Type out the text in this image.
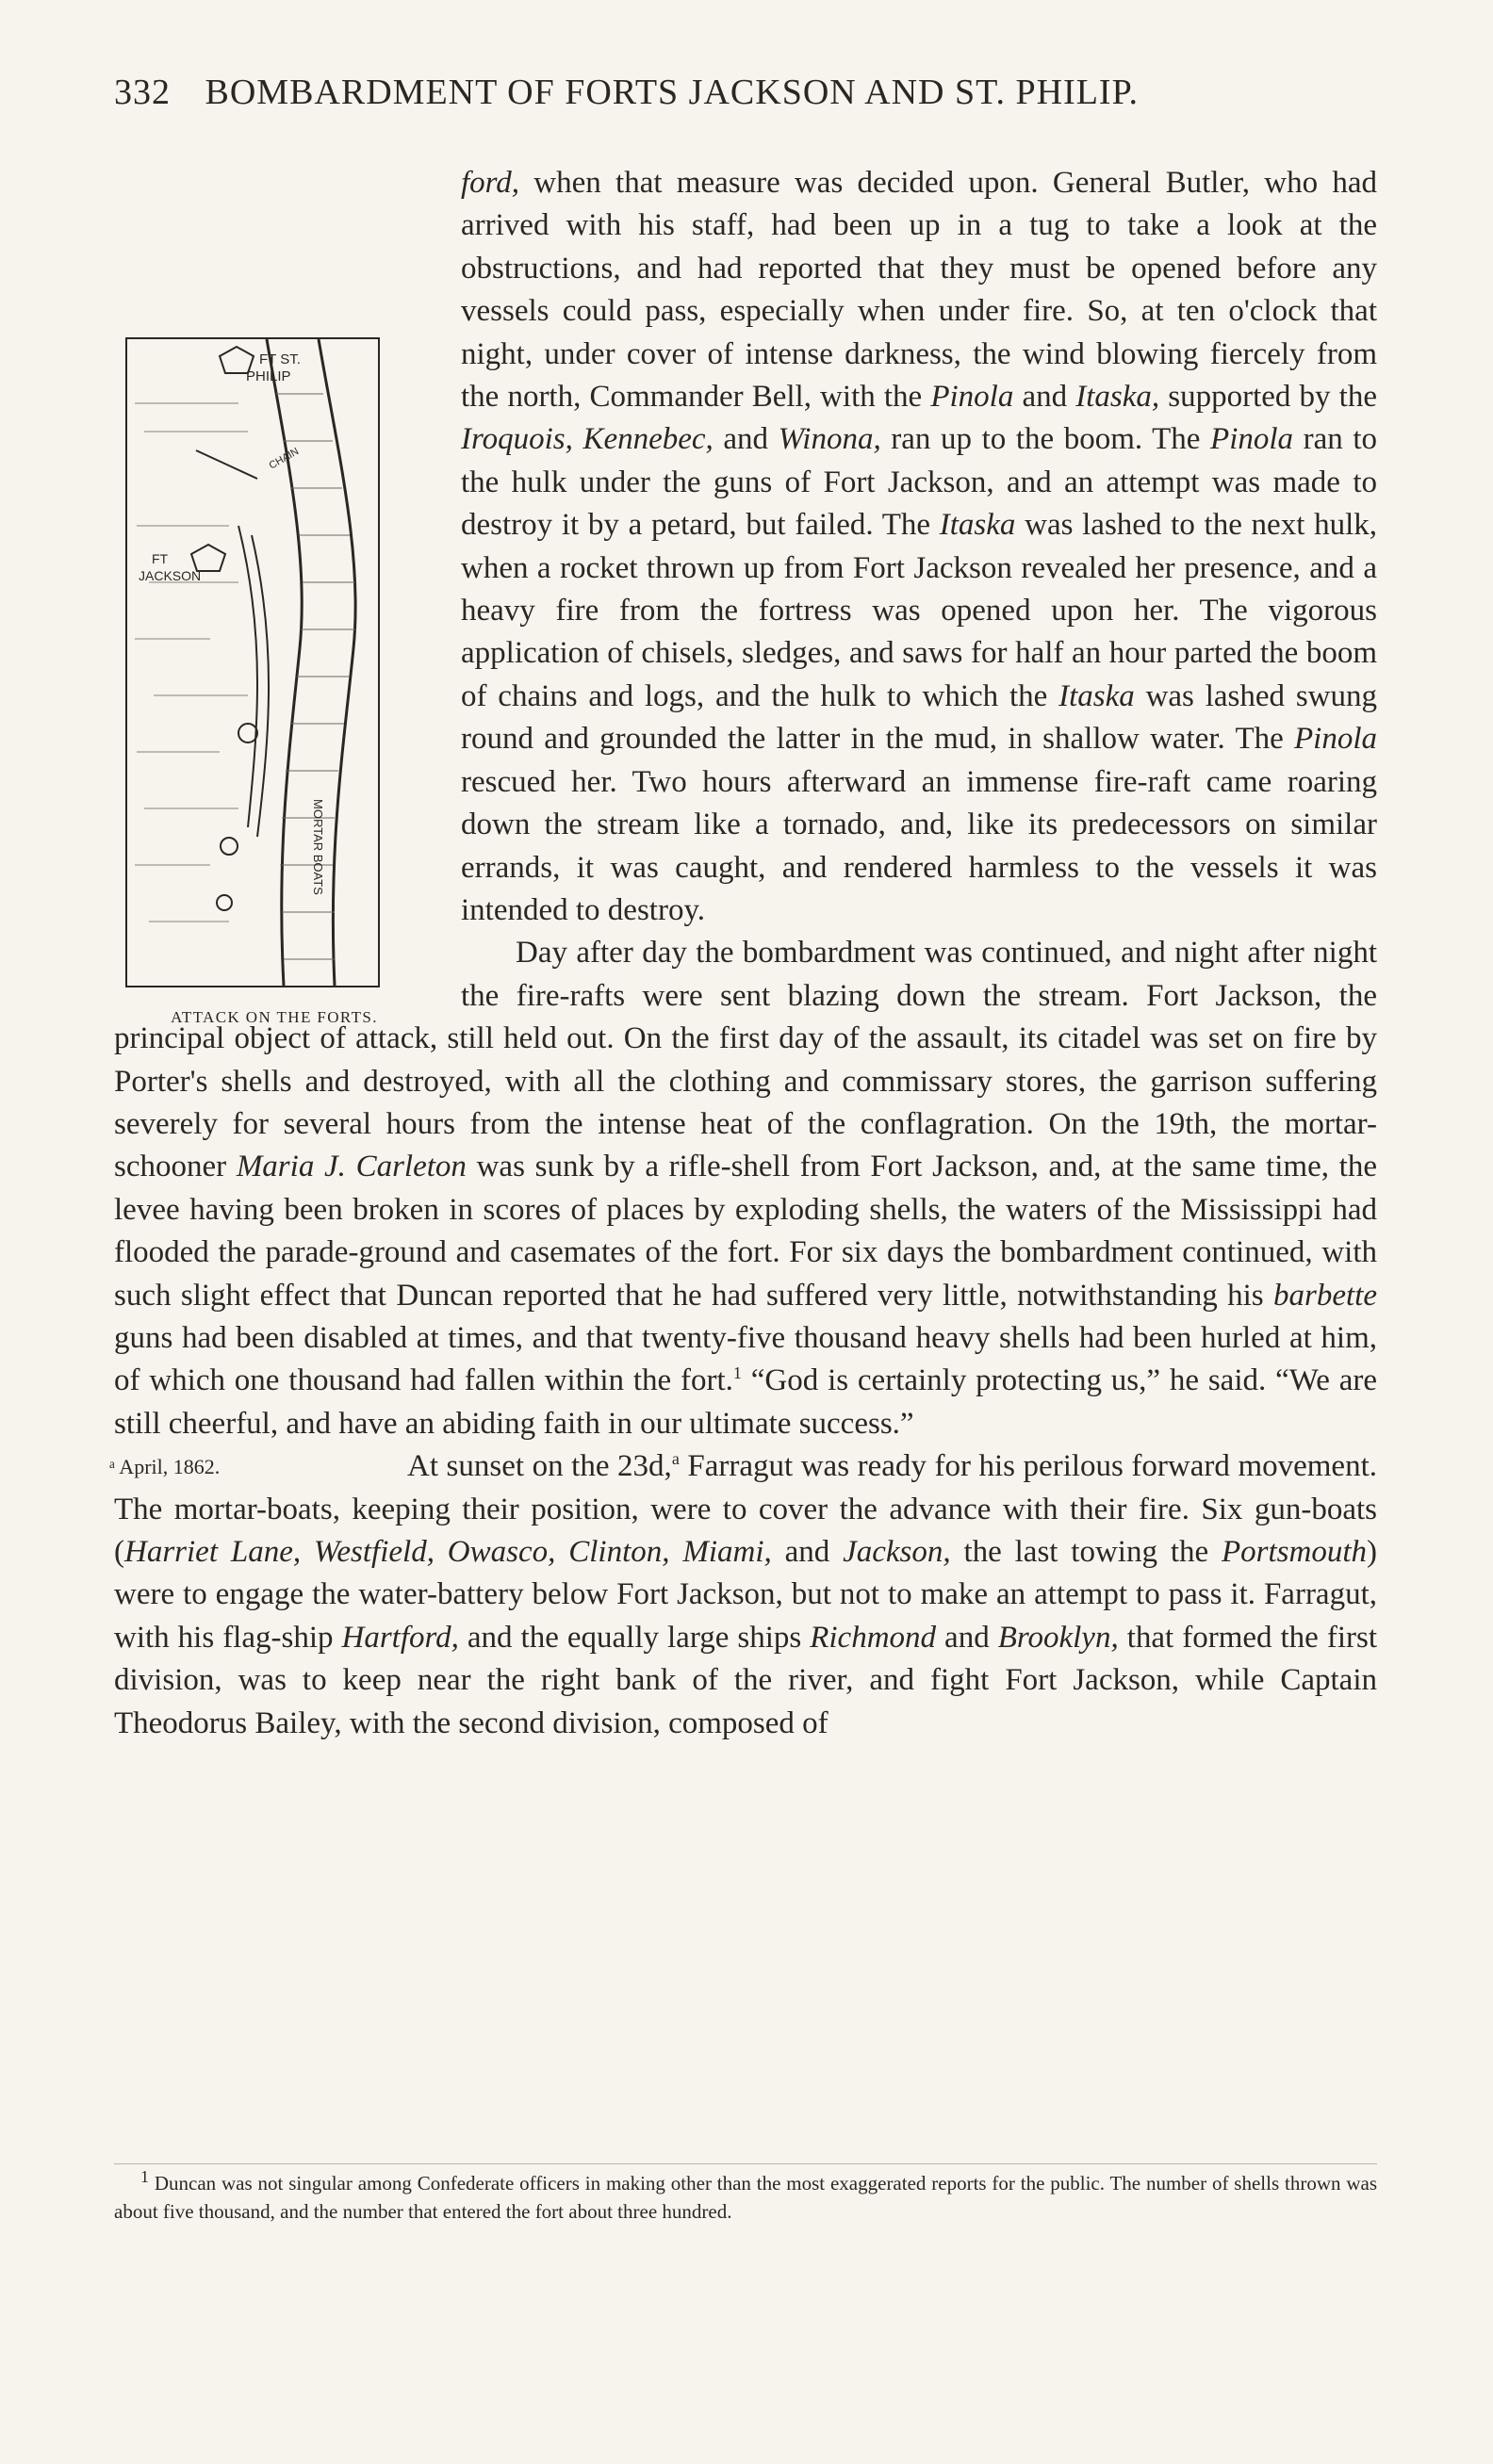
332 BOMBARDMENT OF FORTS JACKSON AND ST. PHILIP.
FT ST.
PHILIP
CHAIN
FT
JACKSON
MORTAR BOATS
ATTACK ON THE FORTS.

ford, when that measure was decided upon. General Butler, who had arrived with his staff, had been up in a tug to take a look at the obstructions, and had reported that they must be opened before any vessels could pass, especially when under fire. So, at ten o'clock that night, under cover of intense darkness, the wind blowing fiercely from the north, Commander Bell, with the Pinola and Itaska, supported by the Iroquois, Kennebec, and Winona, ran up to the boom. The Pinola ran to the hulk under the guns of Fort Jackson, and an attempt was made to destroy it by a petard, but failed. The Itaska was lashed to the next hulk, when a rocket thrown up from Fort Jackson revealed her presence, and a heavy fire from the fortress was opened upon her. The vigorous application of chisels, sledges, and saws for half an hour parted the boom of chains and logs, and the hulk to which the Itaska was lashed swung round and grounded the latter in the mud, in shallow water. The Pinola rescued her. Two hours afterward an immense fire-raft came roaring down the stream like a tornado, and, like its predecessors on similar errands, it was caught, and rendered harmless to the vessels it was intended to destroy.

Day after day the bombardment was continued, and night after night the fire-rafts were sent blazing down the stream. Fort Jackson, the principal object of attack, still held out. On the first day of the assault, its citadel was set on fire by Porter's shells and destroyed, with all the clothing and commissary stores, the garrison suffering severely for several hours from the intense heat of the conflagration. On the 19th, the mortar-schooner Maria J. Carleton was sunk by a rifle-shell from Fort Jackson, and, at the same time, the levee having been broken in scores of places by exploding shells, the waters of the Mississippi had flooded the parade-ground and casemates of the fort. For six days the bombardment continued, with such slight effect that Duncan reported that he had suffered very little, notwithstanding his barbette guns had been disabled at times, and that twenty-five thousand heavy shells had been hurled at him, of which one thousand had fallen within the fort.$^1$ “God is certainly protecting us,” he said. “We are still cheerful, and have an abiding faith in our ultimate success.”

ᵃ April, 1862.	At sunset on the 23d,$^a$ Farragut was ready for his perilous forward movement. The mortar-boats, keeping their position, were to cover the advance with their fire. Six gun-boats (Harriet Lane, Westfield, Owasco, Clinton, Miami, and Jackson, the last towing the Portsmouth) were to engage the water-battery below Fort Jackson, but not to make an attempt to pass it. Farragut, with his flag-ship Hartford, and the equally large ships Richmond and Brooklyn, that formed the first division, was to keep near the right bank of the river, and fight Fort Jackson, while Captain Theodorus Bailey, with the second division, composed of

$^1$ Duncan was not singular among Confederate officers in making other than the most exaggerated reports for the public. The number of shells thrown was about five thousand, and the number that entered the fort about three hundred.
